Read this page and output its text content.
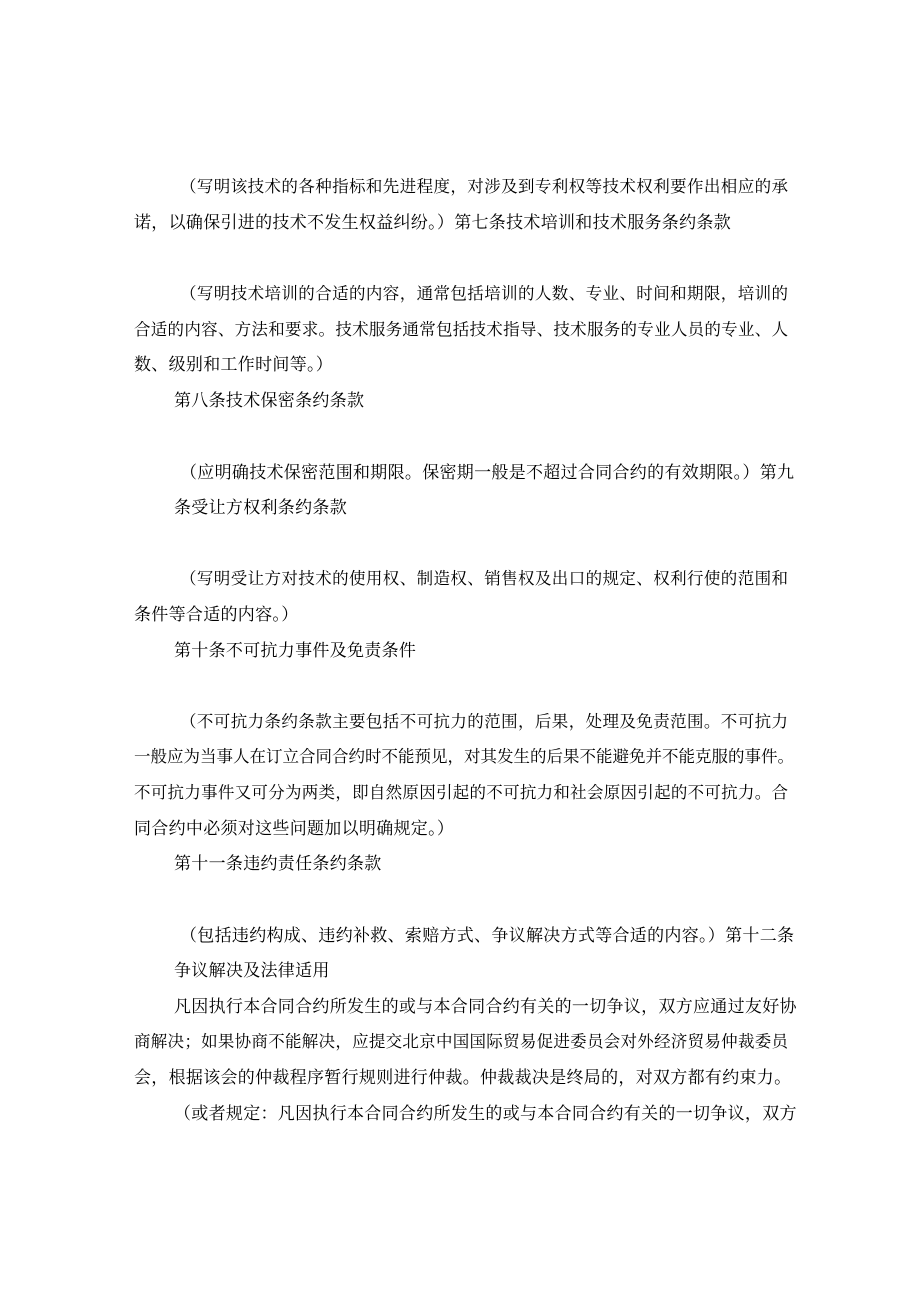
（写明该技术的各种指标和先进程度，对涉及到专利权等技术权利要作出相应的承
诺，以确保引进的技术不发生权益纠纷。）第七条技术培训和技术服务条约条款
（写明技术培训的合适的内容，通常包括培训的人数、专业、时间和期限，培训的
合适的内容、方法和要求。技术服务通常包括技术指导、技术服务的专业人员的专业、人
数、级别和工作时间等。）
第八条技术保密条约条款
（应明确技术保密范围和期限。保密期一般是不超过合同合约的有效期限。）第九
条受让方权利条约条款
（写明受让方对技术的使用权、制造权、销售权及出口的规定、权利行使的范围和
条件等合适的内容。）
第十条不可抗力事件及免责条件
（不可抗力条约条款主要包括不可抗力的范围，后果，处理及免责范围。不可抗力
一般应为当事人在订立合同合约时不能预见，对其发生的后果不能避免并不能克服的事件。
不可抗力事件又可分为两类，即自然原因引起的不可抗力和社会原因引起的不可抗力。合
同合约中必须对这些问题加以明确规定。）
第十一条违约责任条约条款
（包括违约构成、违约补救、索赔方式、争议解决方式等合适的内容。）第十二条
争议解决及法律适用
凡因执行本合同合约所发生的或与本合同合约有关的一切争议，双方应通过友好协
商解决；如果协商不能解决，应提交北京中国国际贸易促进委员会对外经济贸易仲裁委员
会，根据该会的仲裁程序暂行规则进行仲裁。仲裁裁决是终局的，对双方都有约束力。
（或者规定：凡因执行本合同合约所发生的或与本合同合约有关的一切争议，双方
